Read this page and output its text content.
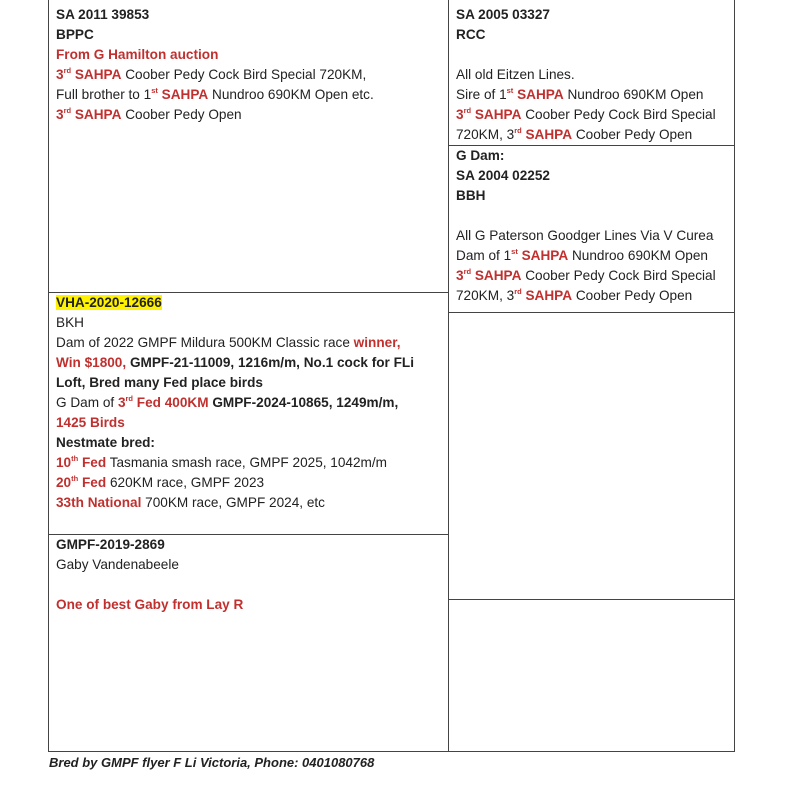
SA 2011 39853
BPPC
From G Hamilton auction
3rd SAHPA Coober Pedy Cock Bird Special 720KM,
Full brother to 1st SAHPA Nundroo 690KM Open etc.
3rd SAHPA Coober Pedy Open
SA 2005 03327
RCC
All old Eitzen Lines.
Sire of 1st SAHPA Nundroo 690KM Open
3rd SAHPA Coober Pedy Cock Bird Special
720KM, 3rd SAHPA Coober Pedy Open
G Dam:
SA 2004 02252
BBH
All G Paterson Goodger Lines Via V Curea
Dam of 1st SAHPA Nundroo 690KM Open
3rd SAHPA Coober Pedy Cock Bird Special
720KM, 3rd SAHPA Coober Pedy Open
VHA-2020-12666
BKH
Dam of 2022 GMPF Mildura 500KM Classic race winner,
Win $1800, GMPF-21-11009, 1216m/m, No.1 cock for FLi
Loft, Bred many Fed place birds
G Dam of 3rd Fed 400KM GMPF-2024-10865, 1249m/m,
1425 Birds
Nestmate bred:
10th Fed Tasmania smash race, GMPF 2025, 1042m/m
20th Fed 620KM race, GMPF 2023
33th National 700KM race, GMPF 2024, etc
GMPF-2019-2869
Gaby Vandenabeele
One of best Gaby from Lay R
Bred by GMPF flyer F Li Victoria, Phone: 0401080768
